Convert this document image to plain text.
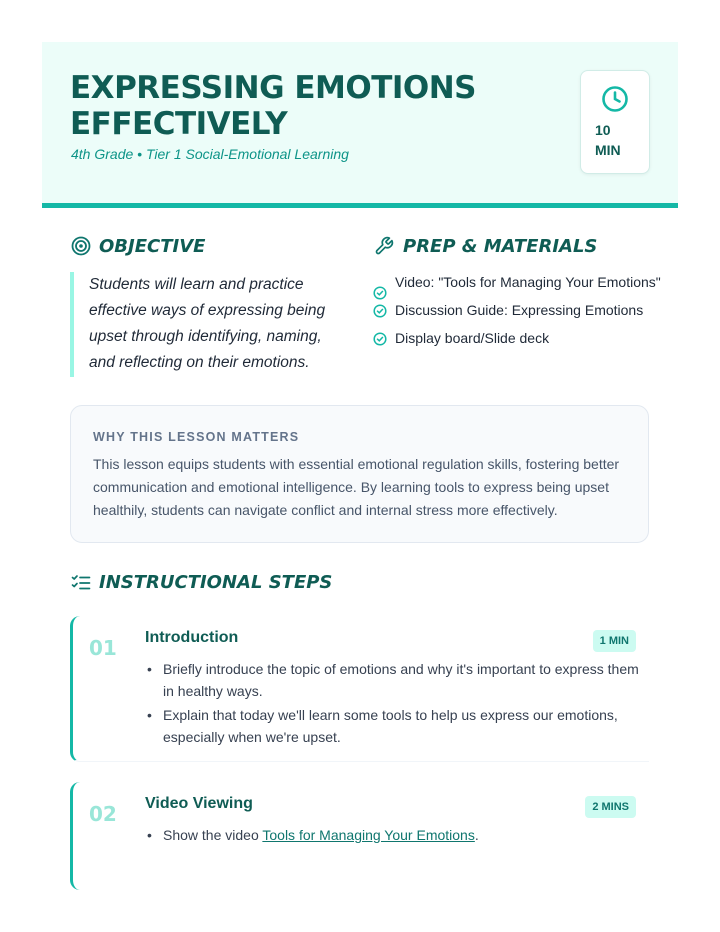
EXPRESSING EMOTIONS EFFECTIVELY
4th Grade • Tier 1 Social-Emotional Learning
10
MIN
OBJECTIVE

Students will learn and practice effective ways of expressing being upset through identifying, naming, and reflecting on their emotions.

PREP & MATERIALS
Video: "Tools for Managing Your Emotions"
Discussion Guide: Expressing Emotions
Display board/Slide deck
WHY THIS LESSON MATTERS
This lesson equips students with essential emotional regulation skills, fostering better communication and emotional intelligence. By learning tools to express being upset healthily, students can navigate conflict and internal stress more effectively.
INSTRUCTIONAL STEPS
01 Introduction	1 MIN
• Briefly introduce the topic of emotions and why it's important to express them in healthy ways.
• Explain that today we'll learn some tools to help us express our emotions, especially when we're upset.
02 Video Viewing	2 MINS
• Show the video Tools for Managing Your Emotions.
